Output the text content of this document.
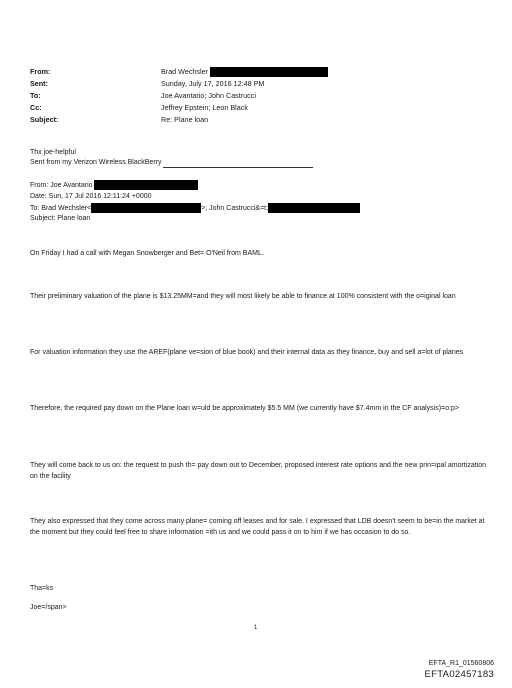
From:	Brad Wechsler
Sent:	Sunday, July 17, 2016 12:48 PM
To:	Joe Avantario; John Castrucci
Cc:	Jeffrey Epstein; Leon Black
Subject:	Re: Plane loan
Thx joe-helpful
Sent from my Verizon Wireless BlackBerry
From: Joe Avantario
Date: Sun, 17 Jul 2016 12:11:24 +0000
To: Brad Wechsler<	>; John Castrucci&=t;
Subject: Plane loan
On Friday I had a call with Megan Snowberger and Bet= O'Neil from BAML.
Their preliminary valuation of the plane is $13.25MM=and they will most likely be able to finance at 100% consistent with the o=iginal loan
For valuation information they use the AREF(plane ve=sion of blue book) and their internal data as they finance, buy and sell a=lot of planes
Therefore, the required pay down on the Plane loan w=uld be approximately $5.5 MM (we currently have $7.4mm in the CF analysis)=o:p>
They will come back to us on: the request to push th= pay down out to December, proposed interest rate options and the new prin=ipal amortization on the facility
They also expressed that they come across many plane= coming off leases and for sale. I expressed that LDB doesn't seem to be=in the market at the moment but they could feel free to share information =ith us and we could pass it on to him if we has occasion to do so.
Tha=ks
Joe=/span>
1
EFTA_R1_01560806
EFTA02457183
